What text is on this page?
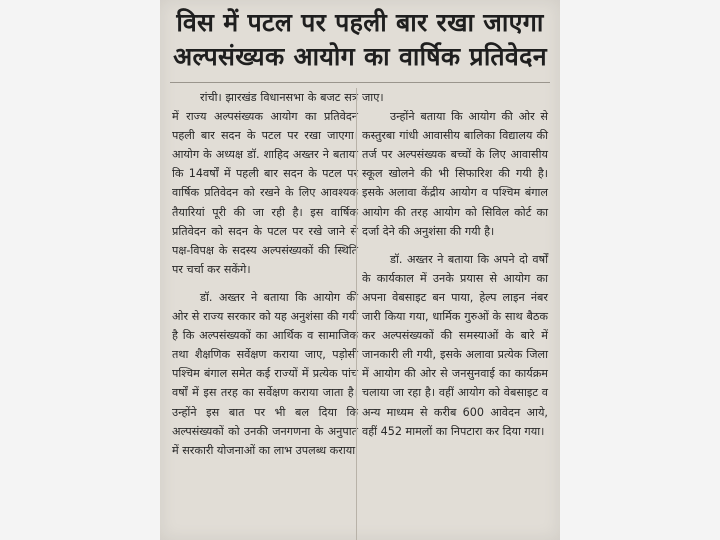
विस में पटल पर पहली बार रखा जाएगा
अल्पसंख्यक आयोग का वार्षिक प्रतिवेदन

रांची। झारखंड विधानसभा के बजट सत्र में राज्य अल्पसंख्यक आयोग का प्रतिवेदन पहली बार सदन के पटल पर रखा जाएगा। आयोग के अध्यक्ष डॉ. शाहिद अख्तर ने बताया कि 14वर्षों में पहली बार सदन के पटल पर वार्षिक प्रतिवेदन को रखने के लिए आवश्यक तैयारियां पूरी की जा रही है। इस वार्षिक प्रतिवेदन को सदन के पटल पर रखे जाने से पक्ष-विपक्ष के सदस्य अल्पसंख्यकों की स्थिति पर चर्चा कर सकेंगे।

डॉ. अख्तर ने बताया कि आयोग की ओर से राज्य सरकार को यह अनुशंसा की गयी है कि अल्पसंख्यकों का आर्थिक व सामाजिक तथा शैक्षणिक सर्वेक्षण कराया जाए, पड़ोसी पश्चिम बंगाल समेत कई राज्यों में प्रत्येक पांच वर्षों में इस तरह का सर्वेक्षण कराया जाता है। उन्होंने इस बात पर भी बल दिया कि अल्पसंख्यकों को उनकी जनगणना के अनुपात में सरकारी योजनाओं का लाभ उपलब्ध कराया

जाए।

उन्होंने बताया कि आयोग की ओर से कस्तुरबा गांधी आवासीय बालिका विद्यालय की तर्ज पर अल्पसंख्यक बच्चों के लिए आवासीय स्कूल खोलने की भी सिफारिश की गयी है। इसके अलावा केंद्रीय आयोग व पश्चिम बंगाल आयोग की तरह आयोग को सिविल कोर्ट का दर्जा देने की अनुशंसा की गयी है।

डॉ. अख्तर ने बताया कि अपने दो वर्षों के कार्यकाल में उनके प्रयास से आयोग का अपना वेबसाइट बन पाया, हेल्प लाइन नंबर जारी किया गया, धार्मिक गुरुओं के साथ बैठक कर अल्पसंख्यकों की समस्याओं के बारे में जानकारी ली गयी, इसके अलावा प्रत्येक जिला में आयोग की ओर से जनसुनवाई का कार्यक्रम चलाया जा रहा है। वहीं आयोग को वेबसाइट व अन्य माध्यम से करीब 600 आवेदन आये, वहीं 452 मामलों का निपटारा कर दिया गया।
